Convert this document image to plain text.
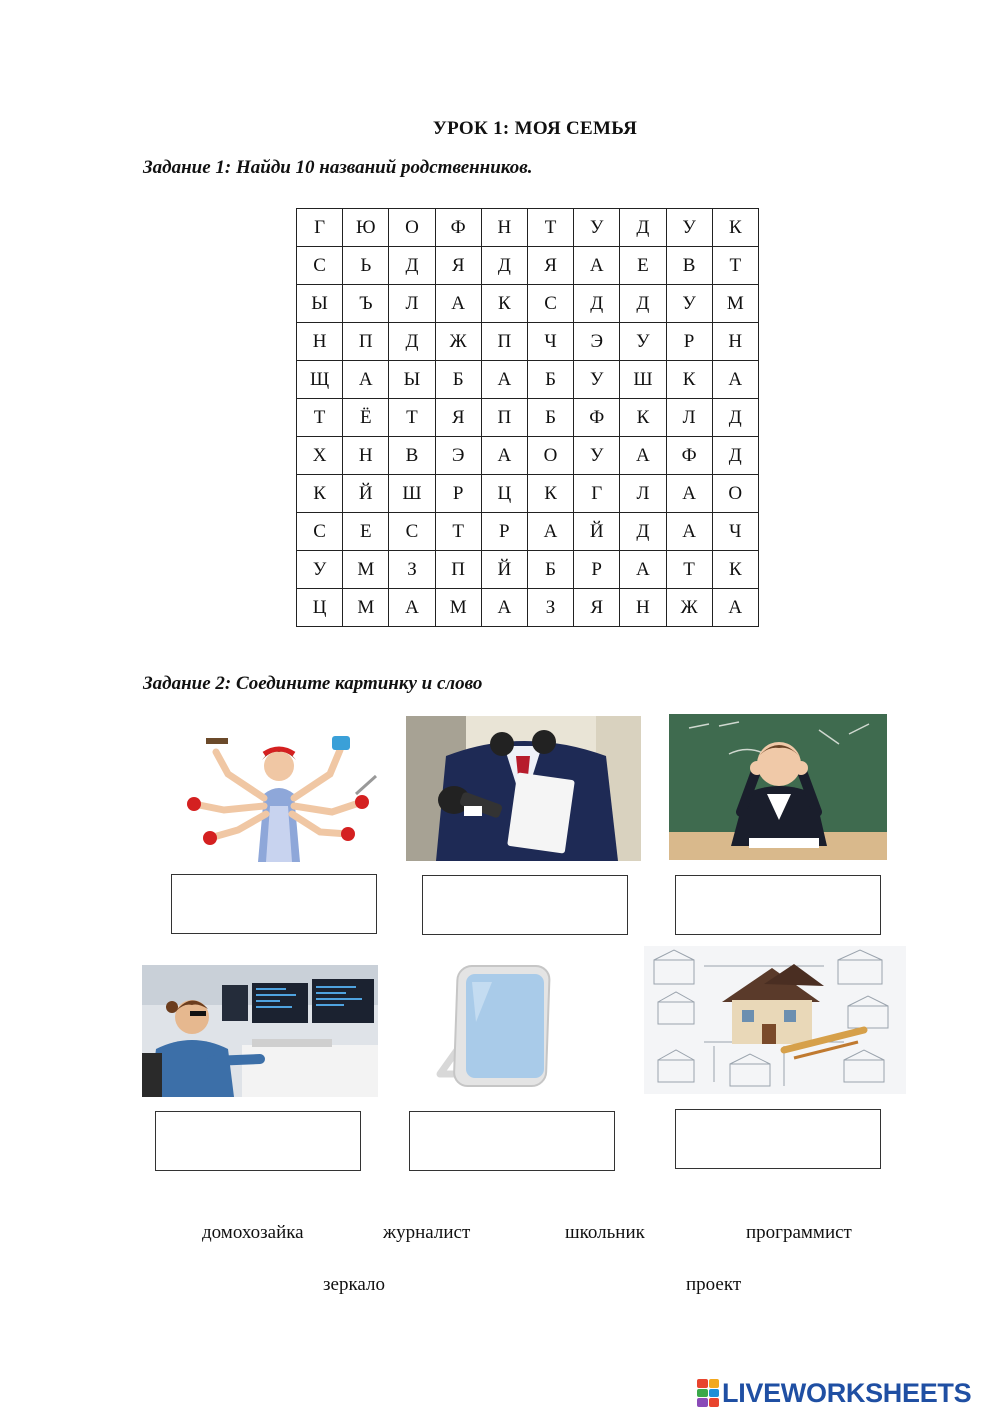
УРОК 1: МОЯ СЕМЬЯ
Задание 1: Найди 10 названий родственников.
Г	Ю	О	Ф	Н	Т	У	Д	У	К
С	Ь	Д	Я	Д	Я	А	Е	В	Т
Ы	Ъ	Л	А	К	С	Д	Д	У	М
Н	П	Д	Ж	П	Ч	Э	У	Р	Н
Щ	А	Ы	Б	А	Б	У	Ш	К	А
Т	Ё	Т	Я	П	Б	Ф	К	Л	Д
Х	Н	В	Э	А	О	У	А	Ф	Д
К	Й	Ш	Р	Ц	К	Г	Л	А	О
С	Е	С	Т	Р	А	Й	Д	А	Ч
У	М	З	П	Й	Б	Р	А	Т	К
Ц	М	А	М	А	З	Я	Н	Ж	А
Задание 2: Соедините картинку и слово
домохозайка	журналист	школьник	программист
зеркало	проект
LIVEWORKSHEETS
